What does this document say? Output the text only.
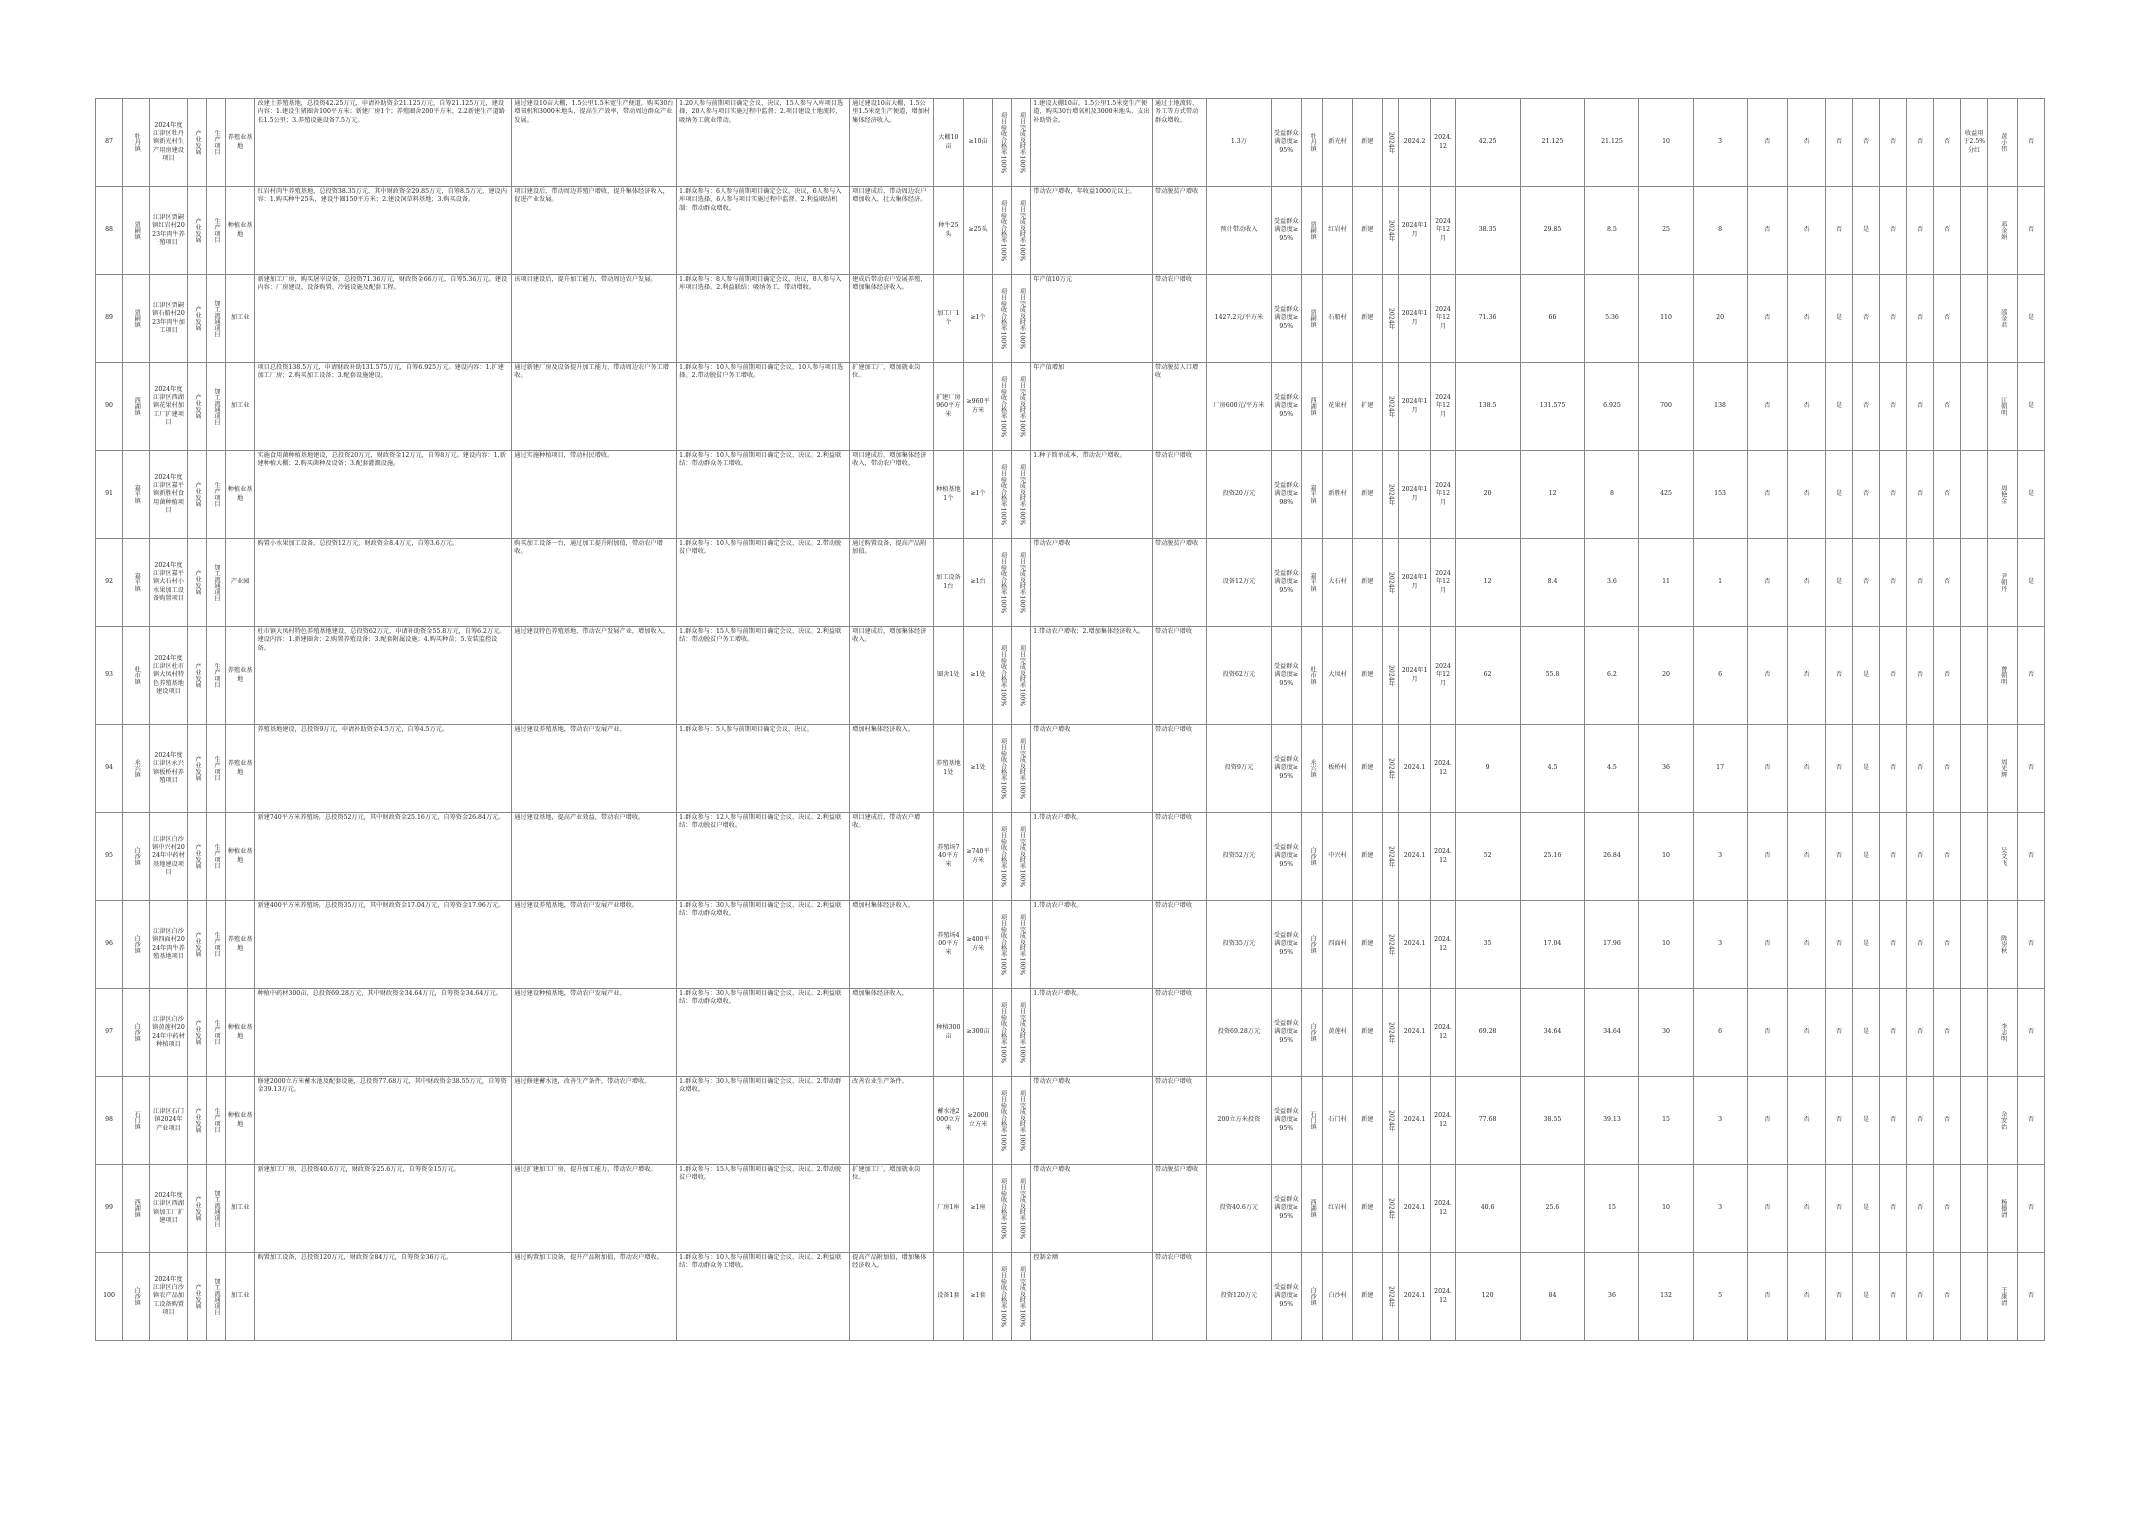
87	牡丹镇	2024年度江津区牡丹镇新光村生产用房建设项目	产业发展	生产项目	养殖业基地	改建土养殖基地，总投资42.25万元，申请补助资金21.125万元，自筹21.125万元，建设内容：1.建设生猪圈舍100平方米；新建厂房1个；养殖圈舍200平方米，2.2新建生产道路长1.5公里；3.养殖设施设备7.5万元。	通过建设10亩大棚，1.5公里1.5米宽生产便道，购买30台增氧机和3000米地头，提高生产效率，带动周边群众产业发展。	1.20人参与前期项目确定会议、决议，15人参与入库项目选择，20人参与项目实施过程中监督；2.项目建设土地流转，吸纳务工就业带动。	通过建设10亩大棚，1.5公里1.5米宽生产便道，增加村集体经济收入。	大棚10亩	≥10亩	项目验收合格率100%	项目完成及时率100%	1.建设大棚10亩，1.5公里1.5米宽生产便道，购买30台增氧机及3000米地头，支出补助资金。	通过土地流转、务工等方式带动群众增收。	1.3万	受益群众满意度≥95%	牡丹镇	新光村	新建	2024年	2024.2	2024.12	42.25	21.125	21.125	10	3	否	否	否	否	否	否	否	收益用于2.5%分红	黄小伟	否
88	贾嗣镇	江津区贾嗣镇红岩村2023年肉牛养殖项目	产业发展	生产项目	种植业基地	红岩村肉牛养殖基地，总投资38.35万元，其中财政资金29.85万元，自筹8.5万元，建设内容：1.购买种牛25头，建设牛圈150平方米；2.建设饲草料基地；3.购买设备。	项目建设后，带动周边养殖户增收，提升集体经济收入，促进产业发展。	1.群众参与：6人参与前期项目确定会议、决议，6人参与入库项目选择，6人参与项目实施过程中监督。2.利益联结机制：带动群众增收。	项目建成后，带动周边农户增加收入，壮大集体经济。	种牛25头	≥25头	项目验收合格率100%	项目完成及时率100%	带动农户增收，年收益1000元以上。	带动脱贫户增收	预计带动收入	受益群众满意度≥95%	贾嗣镇	红岩村	新建	2024年	2024年1月	2024年12月	38.35	29.85	8.5	25	8	否	否	否	是	否	否	否		邓金娟	否
89	贾嗣镇	江津区贾嗣镇石船村2023年肉牛加工项目	产业发展	加工流通项目	加工业	新建加工厂房，购买屠宰设备，总投资71.36万元，财政资金66万元，自筹5.36万元。建设内容：厂房建设、设备购置、冷链设施及配套工程。	该项目建设后，提升加工能力，带动周边农户发展。	1.群众参与：8人参与前期项目确定会议、决议，8人参与入库项目选择。2.利益联结：吸纳务工，带动增收。	建成后带动农户发展养殖，增加集体经济收入。	加工厂1个	≥1个	项目验收合格率100%	项目完成及时率100%	年产值10万元	带动农户增收	1427.2元/平方米	受益群众满意度≥95%	贾嗣镇	石船村	新建	2024年	2024年1月	2024年12月	71.36	66	5.36	110	20	否	否	是	否	否	否	否		邵金君	是
90	西湖镇	2024年度江津区西湖镇花果村加工厂扩建项目	产业发展	加工流通项目	加工业	项目总投资138.5万元，申请财政补助131.575万元，自筹6.925万元。建设内容：1.扩建加工厂房；2.购买加工设备；3.配套设施建设。	通过新建厂房及设备提升加工能力，带动周边农户务工增收。	1.群众参与：10人参与前期项目确定会议，10人参与项目选择。2.带动脱贫户务工增收。	扩建加工厂，增加就业岗位。	扩建厂房960平方米	≥960平方米	项目验收合格率100%	项目完成及时率100%	年产值增加	带动脱贫人口增收	厂房600元/平方米	受益群众满意度≥95%	西湖镇	花果村	扩建	2024年	2024年1月	2024年12月	138.5	131.575	6.925	700	138	否	否	是	否	否	否	否		江朝明	是
91	嘉平镇	2024年度江津区嘉平镇新胜村食用菌种植项目	产业发展	生产项目	种植业基地	实施食用菌种植基地建设，总投资20万元，财政资金12万元，自筹8万元。建设内容：1.新建种植大棚；2.购买菌种及设备；3.配套灌溉设施。	通过实施种植项目，带动村民增收。	1.群众参与：10人参与前期项目确定会议、决议。2.利益联结：带动群众务工增收。	项目建成后，增加集体经济收入，带动农户增收。	种植基地1个	≥1个	项目验收合格率100%	项目完成及时率100%	1.种子简单成本，带动农户增收。	带动农户增收	投资20万元	受益群众满意度≥98%	嘉平镇	新胜村	新建	2024年	2024年1月	2024年12月	20	12	8	425	153	否	否	是	否	否	否	否		周艳金	是
92	嘉平镇	2024年度江津区嘉平镇大石村小水果加工设备购置项目	产业发展	加工流通项目	产业园	购置小水果加工设备，总投资12万元，财政资金8.4万元，自筹3.6万元。	购买加工设备一台，通过加工提升附加值，带动农户增收。	1.群众参与：10人参与前期项目确定会议、决议。2.带动脱贫户增收。	通过购置设备，提高产品附加值。	加工设备1台	≥1台	项目验收合格率100%	项目完成及时率100%	带动农户增收	带动脱贫户增收	设备12万元	受益群众满意度≥95%	嘉平镇	大石村	新建	2024年	2024年1月	2024年12月	12	8.4	3.6	11	1	否	否	是	否	否	否	否		尹朝丹	是
93	杜市镇	2024年度江津区杜市镇大凤村特色养殖基地建设项目	产业发展	生产项目	养殖业基地	杜市镇大凤村特色养殖基地建设，总投资62万元，申请补助资金55.8万元，自筹6.2万元。建设内容：1.新建圈舍；2.购置养殖设备；3.配套附属设施；4.购买种苗；5.安装监控设备。	通过建设特色养殖基地，带动农户发展产业，增加收入。	1.群众参与：15人参与前期项目确定会议、决议。2.利益联结：带动脱贫户务工增收。	项目建成后，增加集体经济收入。	圈舍1处	≥1处	项目验收合格率100%	项目完成及时率100%	1.带动农户增收；2.增加集体经济收入。	带动农户增收	投资62万元	受益群众满意度≥95%	杜市镇	大凤村	新建	2024年	2024年1月	2024年12月	62	55.8	6.2	20	6	否	否	否	是	否	否	否		曾朝明	否
94	永兴镇	2024年度江津区永兴镇板桥村养殖项目	产业发展	生产项目	养殖业基地	养殖基地建设，总投资9万元，申请补助资金4.5万元，自筹4.5万元。	通过建设养殖基地，带动农户发展产业。	1.群众参与：5人参与前期项目确定会议、决议。	增加村集体经济收入。	养殖基地1处	≥1处	项目验收合格率100%	项目完成及时率100%	带动农户增收	带动农户增收	投资9万元	受益群众满意度≥95%	永兴镇	板桥村	新建	2024年	2024.1	2024.12	9	4.5	4.5	36	17	否	否	否	是	否	否	否		周光辉	否
95	白沙镇	江津区白沙镇中兴村2024年中药材基地建设项目	产业发展	生产项目	种植业基地	新建740平方米养殖场，总投资52万元，其中财政资金25.16万元，自筹资金26.84万元。	通过建设基地，提高产业效益，带动农户增收。	1.群众参与：12人参与前期项目确定会议、决议。2.利益联结：带动脱贫户增收。	项目建成后，带动农户增收。	养殖场740平方米	≥740平方米	项目验收合格率100%	项目完成及时率100%	1.带动农户增收。	带动农户增收	投资52万元	受益群众满意度≥95%	白沙镇	中兴村	新建	2024年	2024.1	2024.12	52	25.16	26.84	10	3	否	否	否	是	否	否	否		吴文飞	否
96	白沙镇	江津区白沙镇四面村2024年肉牛养殖基地项目	产业发展	生产项目	养殖业基地	新建400平方米养殖场，总投资35万元，其中财政资金17.04万元，自筹资金17.96万元。	通过建设养殖基地，带动农户发展产业增收。	1.群众参与：30人参与前期项目确定会议、决议。2.利益联结：带动群众增收。	增加村集体经济收入。	养殖场400平方米	≥400平方米	项目验收合格率100%	项目完成及时率100%	1.带动农户增收。	带动农户增收	投资35万元	受益群众满意度≥95%	白沙镇	四面村	新建	2024年	2024.1	2024.12	35	17.04	17.96	10	3	否	否	否	是	否	否	否		陈崇秋	否
97	白沙镇	江津区白沙镇黄莲村2024年中药材种植项目	产业发展	生产项目	种植业基地	种植中药材300亩，总投资69.28万元，其中财政资金34.64万元，自筹资金34.64万元。	通过建设种植基地，带动农户发展产业。	1.群众参与：30人参与前期项目确定会议、决议。2.利益联结：带动群众增收。	增加集体经济收入。	种植300亩	≥300亩	项目验收合格率100%	项目完成及时率100%	1.带动农户增收。	带动农户增收	投资69.28万元	受益群众满意度≥95%	白沙镇	黄莲村	新建	2024年	2024.1	2024.12	69.28	34.64	34.64	30	6	否	否	否	是	否	否	否		李志明	否
98	石门镇	江津区石门镇2024年产业项目	产业发展	生产项目	种植业基地	修建2000立方米蓄水池及配套设施，总投资77.68万元，其中财政资金38.55万元，自筹资金39.13万元。	通过修建蓄水池，改善生产条件，带动农户增收。	1.群众参与：30人参与前期项目确定会议、决议。2.带动群众增收。	改善农业生产条件。	蓄水池2000立方米	≥2000立方米	项目验收合格率100%	项目完成及时率100%	带动农户增收	带动农户增收	200立方米投资	受益群众满意度≥95%	石门镇	石门村	新建	2024年	2024.1	2024.12	77.68	38.55	39.13	15	3	否	否	否	是	否	否	否		余安治	否
99	西湖镇	2024年度江津区西湖镇加工厂扩建项目	产业发展	加工流通项目	加工业	新建加工厂房，总投资40.6万元，财政资金25.6万元，自筹资金15万元。	通过扩建加工厂房，提升加工能力，带动农户增收。	1.群众参与：15人参与前期项目确定会议、决议。2.带动脱贫户增收。	扩建加工厂，增加就业岗位。	厂房1座	≥1座	项目验收合格率100%	项目完成及时率100%	带动农户增收	带动脱贫户增收	投资40.6万元	受益群众满意度≥95%	西湖镇	红岩村	新建	2024年	2024.1	2024.12	40.6	25.6	15	10	3	否	否	否	是	否	否	否		杨德清	否
100	白沙镇	2024年度江津区白沙镇农产品加工设备购置项目	产业发展	加工流通项目	加工业	购置加工设备，总投资120万元，财政资金84万元，自筹资金36万元。	通过购置加工设备，提升产品附加值，带动农户增收。	1.群众参与：10人参与前期项目确定会议、决议。2.利益联结：带动群众务工增收。	提高产品附加值，增加集体经济收入。	设备1套	≥1套	项目验收合格率100%	项目完成及时率100%	控制金额	带动农户增收	投资120万元	受益群众满意度≥95%	白沙镇	白沙村	新建	2024年	2024.1	2024.12	120	84	36	132	5	否	否	否	是	否	否	否		王康清	否
